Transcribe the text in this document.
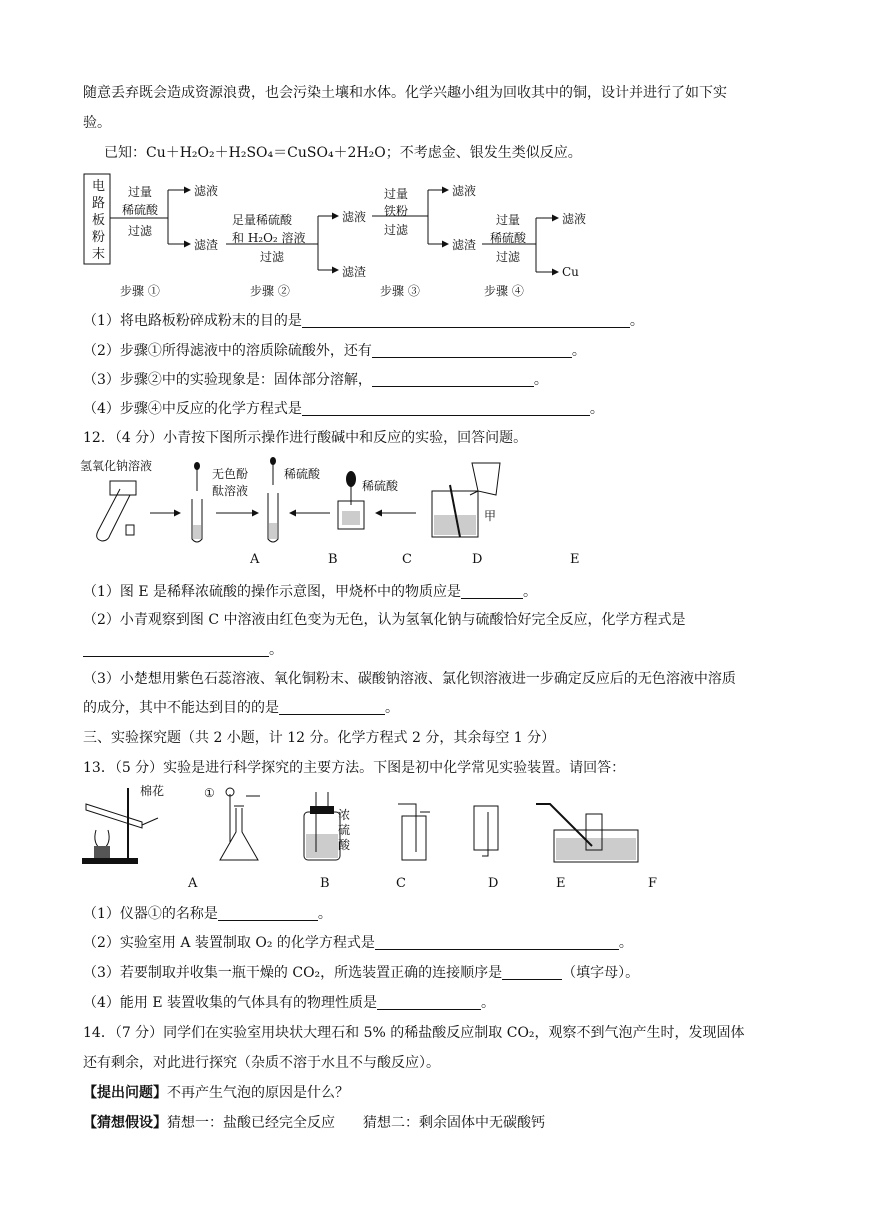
随意丢弃既会造成资源浪费，也会污染土壤和水体。化学兴趣小组为回收其中的铜，设计并进行了如下实
验。
已知：Cu＋H₂O₂＋H₂SO₄＝CuSO₄＋2H₂O；不考虑金、银发生类似反应。
电
路
板
粉
末
过量
稀硫酸
过滤
滤液
滤渣
足量稀硫酸
和 H₂O₂ 溶液
过滤
滤液
滤渣
过量
铁粉
过滤
滤液
滤渣
过量
稀硫酸
过滤
滤液
Cu
步骤 ①	步骤 ②	步骤 ③	步骤 ④
（1）将电路板粉碎成粉末的目的是	。
（2）步骤①所得滤液中的溶质除硫酸外，还有	。
（3）步骤②中的实验现象是：固体部分溶解，	。
（4）步骤④中反应的化学方程式是	。
12．（4 分）小青按下图所示操作进行酸碱中和反应的实验，回答问题。
氢氧化钠溶液
无色酚
酞溶液
稀硫酸
稀硫酸
甲
A	B	C	D	E
（1）图 E 是稀释浓硫酸的操作示意图，甲烧杯中的物质应是	。
（2）小青观察到图 C 中溶液由红色变为无色，认为氢氧化钠与硫酸恰好完全反应，化学方程式是
。
（3）小楚想用紫色石蕊溶液、氧化铜粉末、碳酸钠溶液、氯化钡溶液进一步确定反应后的无色溶液中溶质
的成分，其中不能达到目的的是	。
三、实验探究题（共 2 小题，计 12 分。化学方程式 2 分，其余每空 1 分）
13．（5 分）实验是进行科学探究的主要方法。下图是初中化学常见实验装置。请回答：
棉花	①
浓
硫
酸
A	B	C	D	E	F
（1）仪器①的名称是	。
（2）实验室用 A 装置制取 O₂ 的化学方程式是	。
（3）若要制取并收集一瓶干燥的 CO₂，所选装置正确的连接顺序是	（填字母）。
（4）能用 E 装置收集的气体具有的物理性质是	。
14．（7 分）同学们在实验室用块状大理石和 5% 的稀盐酸反应制取 CO₂，观察不到气泡产生时，发现固体
还有剩余，对此进行探究（杂质不溶于水且不与酸反应）。
【提出问题】不再产生气泡的原因是什么？
【猜想假设】猜想一：盐酸已经完全反应　　猜想二：剩余固体中无碳酸钙
